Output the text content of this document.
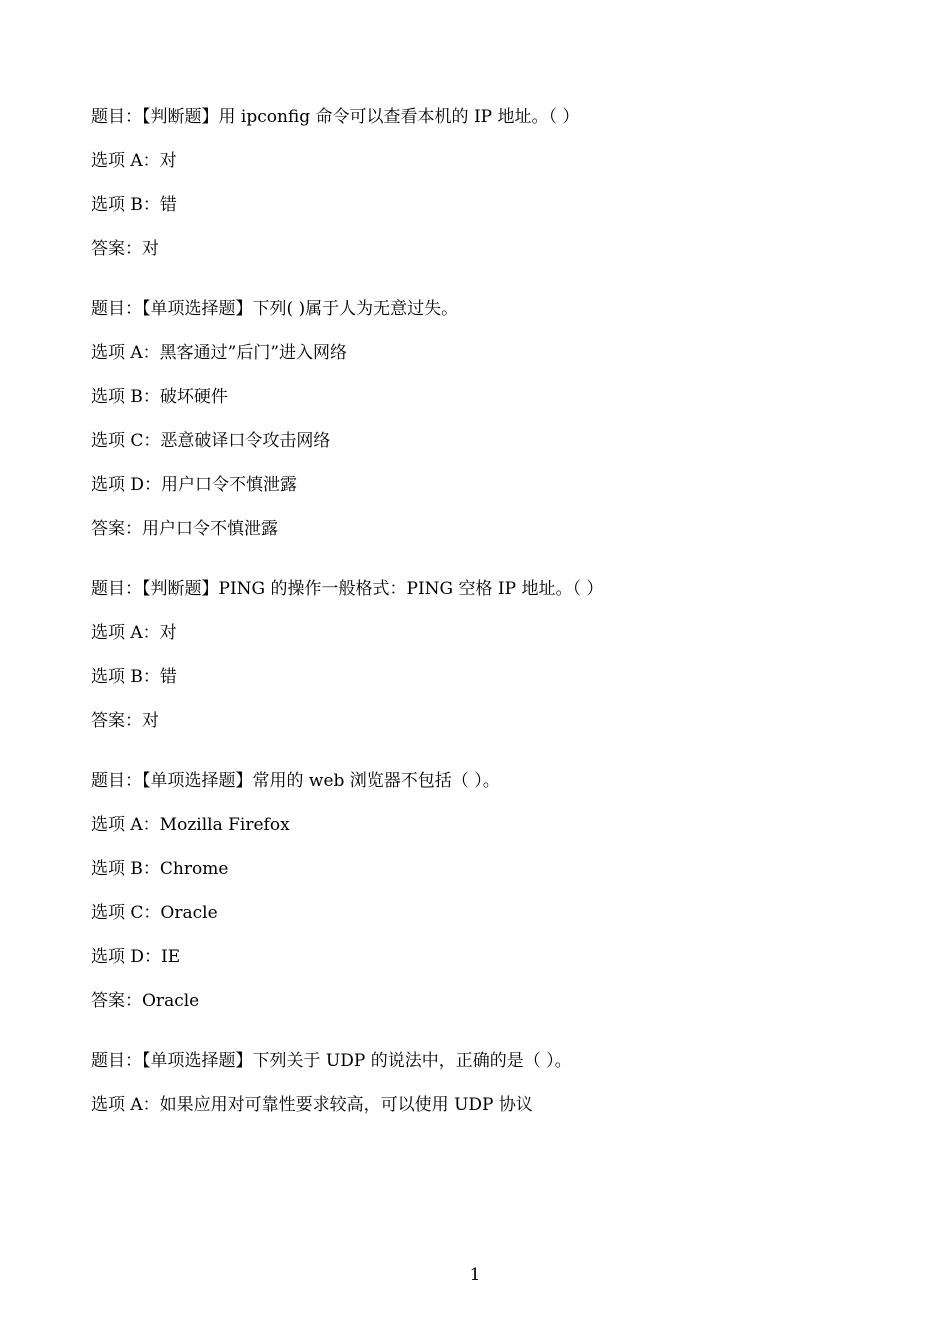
题目：【判断题】用 ipconfig 命令可以查看本机的 IP 地址。（ ）
选项 A：对
选项 B：错
答案：对
题目：【单项选择题】下列( )属于人为无意过失。
选项 A：黑客通过”后门”进入网络
选项 B：破坏硬件
选项 C：恶意破译口令攻击网络
选项 D：用户口令不慎泄露
答案：用户口令不慎泄露
题目：【判断题】PING 的操作一般格式：PING 空格 IP 地址。（ ）
选项 A：对
选项 B：错
答案：对
题目：【单项选择题】常用的 web 浏览器不包括（ ）。
选项 A：Mozilla Firefox
选项 B：Chrome
选项 C：Oracle
选项 D：IE
答案：Oracle
题目：【单项选择题】下列关于 UDP 的说法中，正确的是（ ）。
选项 A：如果应用对可靠性要求较高，可以使用 UDP 协议
1
